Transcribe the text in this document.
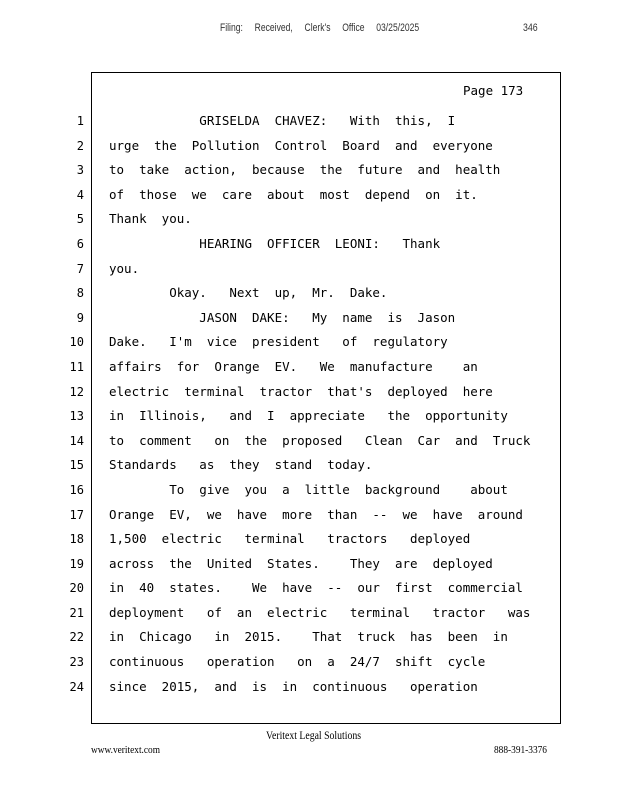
Filing: Received, Clerk's Office 03/25/2025	346
Page 173
1
2
3
4
5
6
7
8
9
10
11
12
13
14
15
16
17
18
19
20
21
22
23
24
GRISELDA  CHAVEZ:   With  this,  I
urge  the  Pollution  Control  Board  and  everyone
to  take  action,  because  the  future  and  health
of  those  we  care  about  most  depend  on  it.
Thank  you.
HEARING  OFFICER  LEONI:   Thank
you.
Okay.   Next  up,  Mr.  Dake.
JASON  DAKE:   My  name  is  Jason
Dake.   I'm  vice  president   of  regulatory
affairs  for  Orange  EV.   We  manufacture    an
electric  terminal  tractor  that's  deployed  here
in  Illinois,   and  I  appreciate   the  opportunity
to  comment   on  the  proposed   Clean  Car  and  Truck
Standards   as  they  stand  today.
To  give  you  a  little  background    about
Orange  EV,  we  have  more  than  --  we  have  around
1,500  electric   terminal   tractors   deployed
across  the  United  States.    They  are  deployed
in  40  states.    We  have  --  our  first  commercial
deployment   of  an  electric   terminal   tractor   was
in  Chicago   in  2015.    That  truck  has  been  in
continuous   operation   on  a  24/7  shift  cycle
since  2015,  and  is  in  continuous   operation
Veritext Legal Solutions
www.veritext.com	888-391-3376
